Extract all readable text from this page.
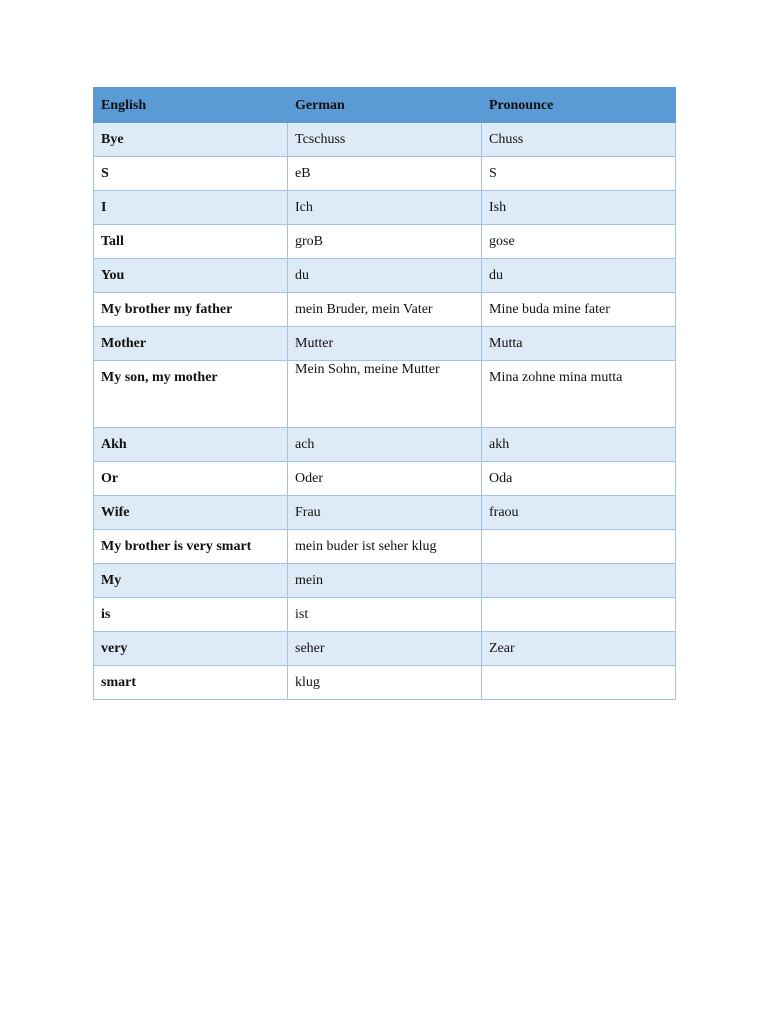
English	German	Pronounce
Bye	Tcschuss	Chuss
S	eB	S
I	Ich	Ish
Tall	groB	gose
You	du	du
My brother my father	mein Bruder, mein Vater	Mine buda mine fater
Mother	Mutter	Mutta
My son, my mother	Mein Sohn, meine Mutter	Mina zohne mina mutta
Akh	ach	akh
Or	Oder	Oda
Wife	Frau	fraou
My brother is very smart	mein buder ist seher klug	
My	mein	
is	ist	
very	seher	Zear
smart	klug	
